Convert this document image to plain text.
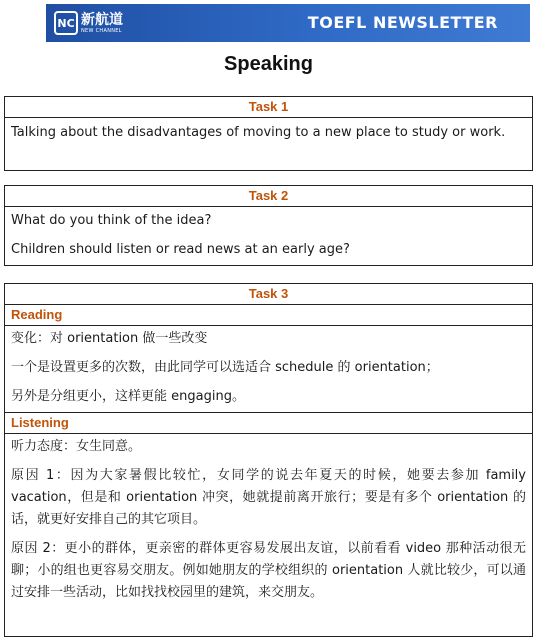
NC 新航道
NEW CHANNEL	TOEFL NEWSLETTER
Speaking
Task 1

Talking about the disadvantages of moving to a new place to study or work.

Task 2

What do you think of the idea?

Children should listen or read news at an early age?

Task 3
Reading

变化：对 orientation 做一些改变

一个是设置更多的次数，由此同学可以选适合 schedule 的 orientation；

另外是分组更小，这样更能 engaging。

Listening

听力态度：女生同意。

原因 1：因为大家暑假比较忙，女同学的说去年夏天的时候，她要去参加 family vacation，但是和 orientation 冲突，她就提前离开旅行；要是有多个 orientation 的话，就更好安排自己的其它项目。

原因 2：更小的群体，更亲密的群体更容易发展出友谊，以前看看 video 那种活动很无聊；小的组也更容易交朋友。例如她朋友的学校组织的 orientation 人就比较少，可以通过安排一些活动，比如找找校园里的建筑，来交朋友。
